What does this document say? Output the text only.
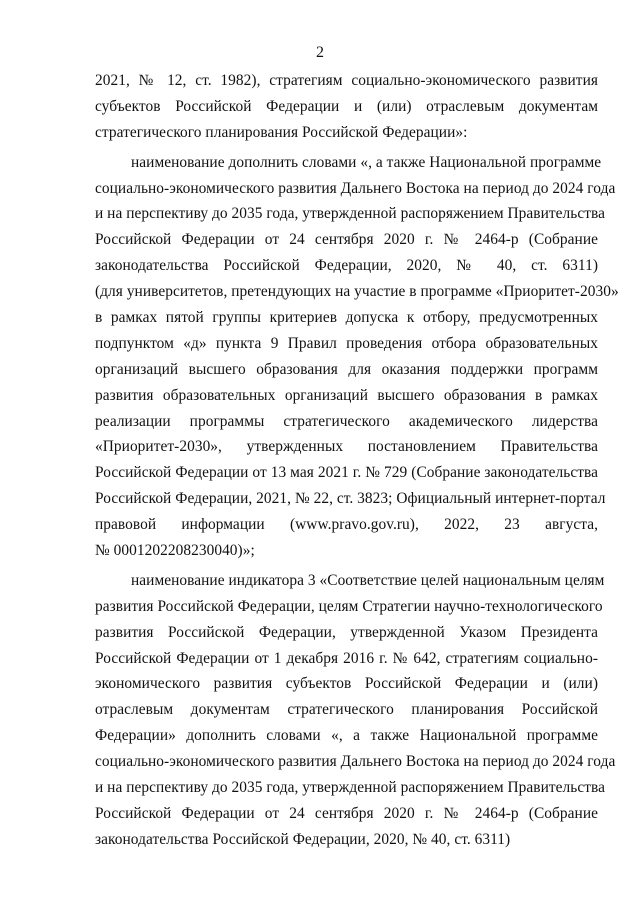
2
2021, № 12, ст. 1982), стратегиям социально-экономического развития
субъектов Российской Федерации и (или) отраслевым документам
стратегического планирования Российской Федерации»:
наименование дополнить словами «, а также Национальной программе
социально-экономического развития Дальнего Востока на период до 2024 года
и на перспективу до 2035 года, утвержденной распоряжением Правительства
Российской Федерации от 24 сентября 2020 г. № 2464-р (Собрание
законодательства Российской Федерации, 2020, № 40, ст. 6311)
(для университетов, претендующих на участие в программе «Приоритет-2030»
в рамках пятой группы критериев допуска к отбору, предусмотренных
подпунктом «д» пункта 9 Правил проведения отбора образовательных
организаций высшего образования для оказания поддержки программ
развития образовательных организаций высшего образования в рамках
реализации программы стратегического академического лидерства
«Приоритет-2030», утвержденных постановлением Правительства
Российской Федерации от 13 мая 2021 г. № 729 (Собрание законодательства
Российской Федерации, 2021, № 22, ст. 3823; Официальный интернет-портал
правовой информации (www.pravo.gov.ru), 2022, 23 августа,
№ 0001202208230040)»;
наименование индикатора 3 «Соответствие целей национальным целям
развития Российской Федерации, целям Стратегии научно-технологического
развития Российской Федерации, утвержденной Указом Президента
Российской Федерации от 1 декабря 2016 г. № 642, стратегиям социально-
экономического развития субъектов Российской Федерации и (или)
отраслевым документам стратегического планирования Российской
Федерации» дополнить словами «, а также Национальной программе
социально-экономического развития Дальнего Востока на период до 2024 года
и на перспективу до 2035 года, утвержденной распоряжением Правительства
Российской Федерации от 24 сентября 2020 г. № 2464-р (Собрание
законодательства Российской Федерации, 2020, № 40, ст. 6311)
